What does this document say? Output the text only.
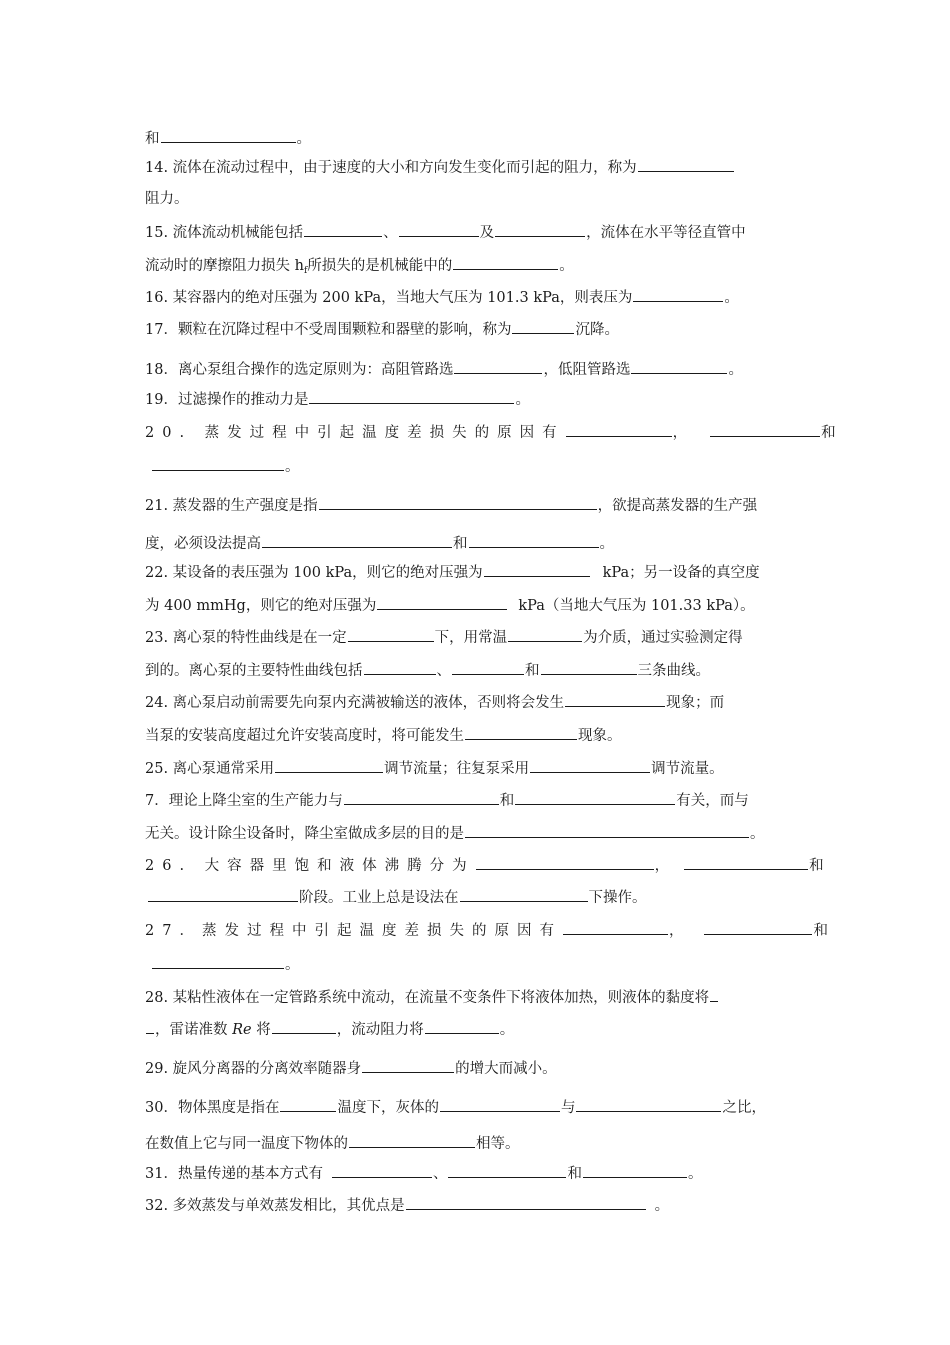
和	。
14. 流体在流动过程中，由于速度的大小和方向发生变化而引起的阻力，称为
阻力。
15. 流体流动机械能包括	、	及	，流体在水平等径直管中
流动时的摩擦阻力损失 $h_f$所损失的是机械能中的	。
16. 某容器内的绝对压强为 200 kPa，当地大气压为 101.3 kPa，则表压为	。
17．颗粒在沉降过程中不受周围颗粒和器壁的影响，称为	沉降。
18．离心泵组合操作的选定原则为：高阻管路选	，低阻管路选	。
19．过滤操作的推动力是	。
20. 蒸发过程中引起温度差损失的原因有	，	和
。
21. 蒸发器的生产强度是指	，欲提高蒸发器的生产强
度，必须设法提高	和	。
22. 某设备的表压强为 100 kPa，则它的绝对压强为	kPa；另一设备的真空度
为 400 mmHg，则它的绝对压强为	kPa（当地大气压为 101.33 kPa）。
23. 离心泵的特性曲线是在一定	下，用常温	为介质，通过实验测定得
到的。离心泵的主要特性曲线包括	、	和	三条曲线。
24. 离心泵启动前需要先向泵内充满被输送的液体，否则将会发生	现象；而
当泵的安装高度超过允许安装高度时，将可能发生	现象。
25. 离心泵通常采用	调节流量；往复泵采用	调节流量。
7．理论上降尘室的生产能力与	和	有关，而与
无关。设计除尘设备时，降尘室做成多层的目的是	。
26. 大容器里饱和液体沸腾分为	，	和
阶段。工业上总是设法在	下操作。
27．蒸发过程中引起温度差损失的原因有	，	和
。
28. 某粘性液体在一定管路系统中流动，在流量不变条件下将液体加热，则液体的黏度将
，雷诺准数 Re 将	，流动阻力将	。
29. 旋风分离器的分离效率随器身	的增大而减小。
30．物体黑度是指在	温度下，灰体的	与	之比，
在数值上它与同一温度下物体的	相等。
31．热量传递的基本方式有	、	和	。
32. 多效蒸发与单效蒸发相比，其优点是	。
